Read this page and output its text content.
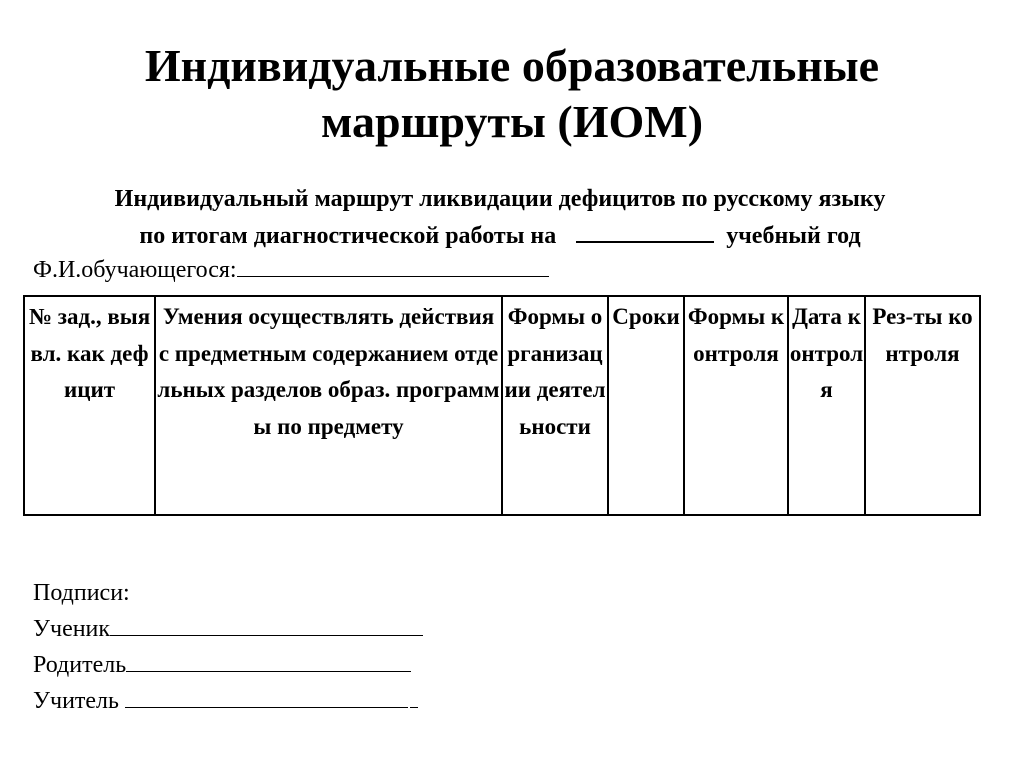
Индивидуальные образовательные
маршруты (ИОМ)
Индивидуальный маршрут ликвидации дефицитов по русскому языку
по итогам диагностической работы на	учебный год
Ф.И.обучающегося:
№ зад., выявл. как дефицит	Умения осуществлять действия с предметным содержанием отдельных разделов образ. программы по предмету	Формы организации деятельности	Сроки	Формы контроля	Дата контроля	Рез-ты контроля
Подписи:
Ученик
Родитель
Учитель
